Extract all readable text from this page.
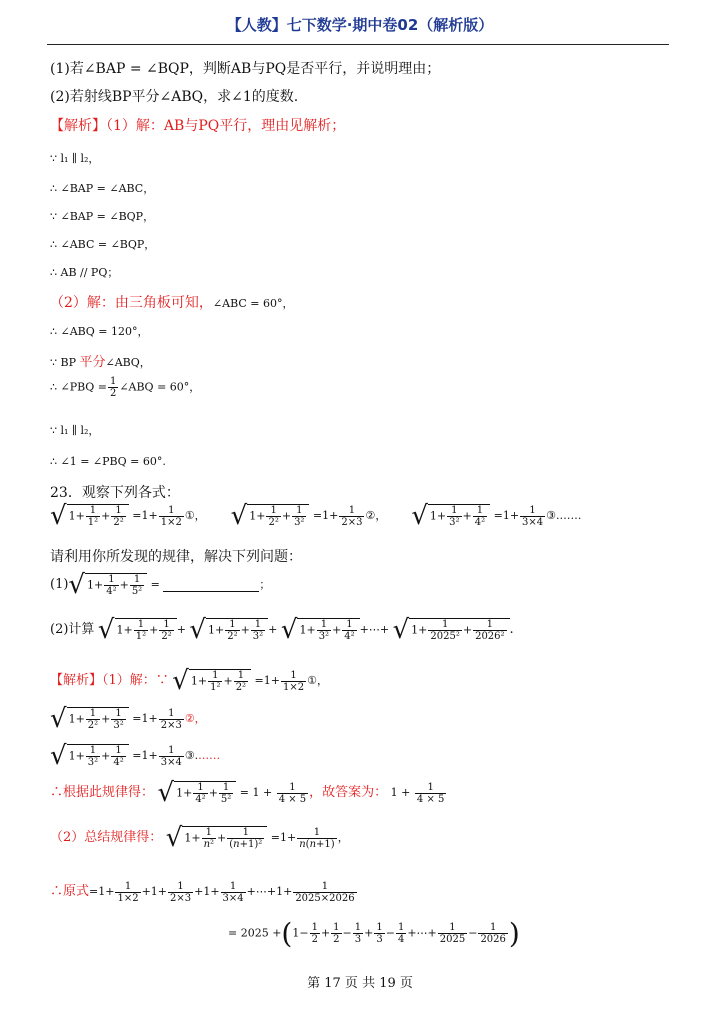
【人教】七下数学·期中卷02（解析版）
(1)若∠BAP = ∠BQP，判断AB与PQ是否平行，并说明理由；
(2)若射线BP平分∠ABQ，求∠1的度数.
【解析】（1）解：AB与PQ平行，理由见解析；
∵ l₁ ∥ l₂，
∴ ∠BAP = ∠ABC，
∵ ∠BAP = ∠BQP，
∴ ∠ABC = ∠BQP，
∴ AB // PQ；
（2）解：由三角板可知，∠ABC = 60°，
∴ ∠ABQ = 120°，
∵ BP 平分∠ABQ，
∴ ∠PBQ = $\frac{1}{2}$ ∠ABQ = 60°，
∵ l₁ ∥ l₂，
∴ ∠1 = ∠PBQ = 60°.
23．观察下列各式：
√ $1+ \frac{1}{\text{1²}} + \frac{1}{\text{2²}} =1+ \frac{1}{1\times 2}$ ①，  √ $1+ \frac{1}{\text{2²}} + \frac{1}{\text{3²}} =1+ \frac{1}{2\times 3}$ ②，  √ $1+ \frac{1}{\text{3²}} + \frac{1}{\text{4²}} =1+ \frac{1}{3\times 4}$ ③.……
请利用你所发现的规律，解决下列问题：
(1)√ $1+ \frac{1}{\text{4²}} + \frac{1}{\text{5²}}$ =	；
(2)计算 √ $1+ \frac{1}{\text{1²}} + \frac{1}{\text{2²}}$ + √ $1+ \frac{1}{\text{2²}} + \frac{1}{\text{3²}}$ + √ $1+ \frac{1}{\text{3²}} + \frac{1}{\text{4²}}$ +⋯+ √ $1+ \frac{1}{\text{2025²}} + \frac{1}{\text{2026²}}$ .
【解析】（1）解：∵ √ $1+ \frac{1}{\text{1²}} + \frac{1}{\text{2²}} =1+ \frac{1}{1\times 2}$ ①，
√ $1+ \frac{1}{\text{2²}} + \frac{1}{\text{3²}} =1+ \frac{1}{2\times 3}$ ②，
√ $1+ \frac{1}{\text{3²}} + \frac{1}{\text{4²}} =1+ \frac{1}{3\times 4}$ ③.……
∴根据此规律得： √ $1+ \frac{1}{\text{4²}} + \frac{1}{\text{5²}} = 1 + \frac{1}{4 \times 5}$ ，故答案为： $1 + \frac{1}{4 \times 5}$
（2）总结规律得： √ $1+ \frac{1}{\text{n²}} + \frac{1}{\text{(n+1)²}} =1+ \frac{1}{n(n+1)}$ ，
∴原式$=1+ \frac{1}{1\times 2} +1+ \frac{1}{2\times 3} +1+ \frac{1}{3\times 4}$ +⋯+1+ $\frac{1}{2025\times 2026}$
= $2025 +(1- \frac{1}{2} + \frac{1}{2} - \frac{1}{3} + \frac{1}{3} - \frac{1}{4}$ +⋯+ $\frac{1}{2025} - \frac{1}{2026}$ )
第 17 页 共 19 页
